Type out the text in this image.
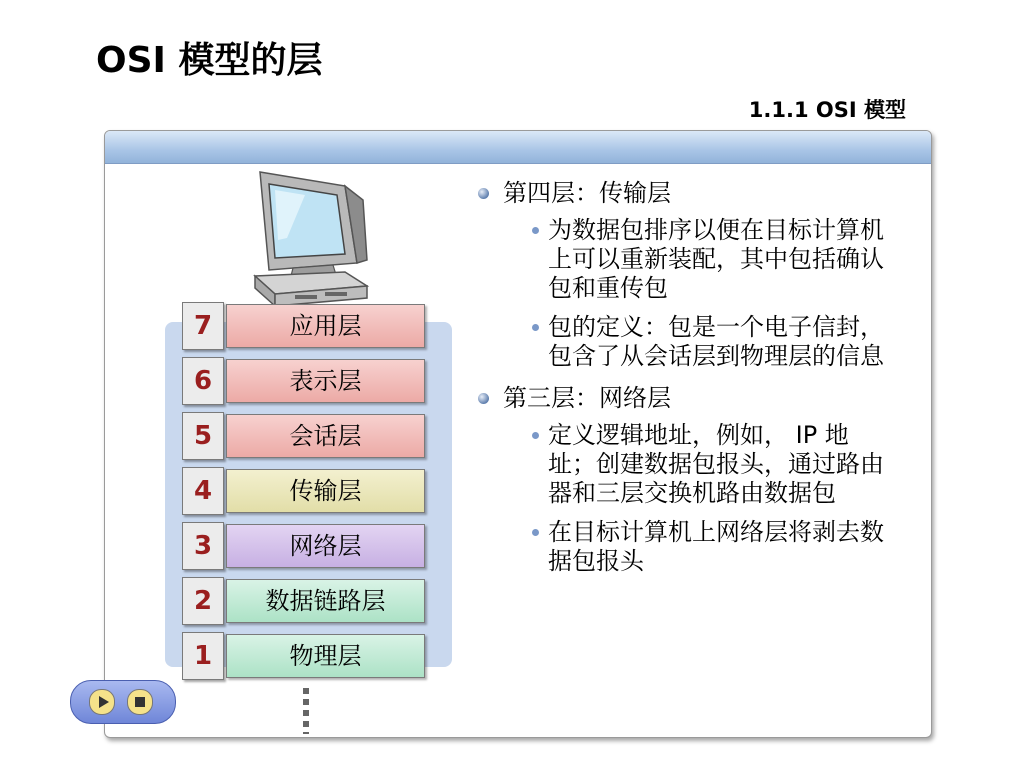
OSI 模型的层
1.1.1 OSI 模型
7	应用层
6	表示层
5	会话层
4	传输层
3	网络层
2	数据链路层
1	物理层
第四层：传输层
为数据包排序以便在目标计算机上可以重新装配，其中包括确认包和重传包
包的定义：包是一个电子信封，包含了从会话层到物理层的信息
第三层：网络层
定义逻辑地址，例如， IP 地址；创建数据包报头，通过路由器和三层交换机路由数据包
在目标计算机上网络层将剥去数据包报头
